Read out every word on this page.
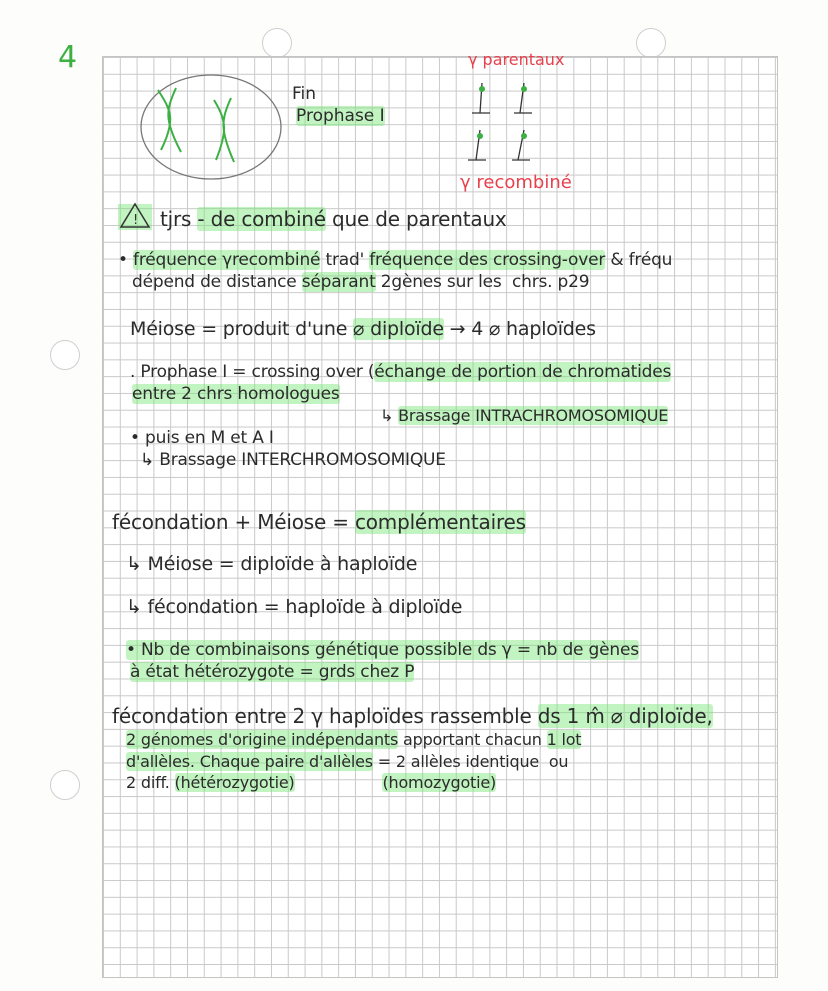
4
Fin
Prophase I
γ parentaux
γ recombiné
! tjrs - de combiné que de parentaux
• fréquence γrecombiné trad' fréquence des crossing-over & fréqu
dépend de distance séparant 2gènes sur les  chrs. p29
Méiose = produit d'une ⌀ diploïde → 4 ⌀ haploïdes
. Prophase I = crossing over (échange de portion de chromatides
entre 2 chrs homologues
↳ Brassage INTRACHROMOSOMIQUE
• puis en M et A I
↳ Brassage INTERCHROMOSOMIQUE
fécondation + Méiose = complémentaires
↳ Méiose = diploïde à haploïde
↳ fécondation = haploïde à diploïde
• Nb de combinaisons génétique possible ds γ = nb de gènes
à état hétérozygote = grds chez P
fécondation entre 2 γ haploïdes rassemble ds 1 m̂ ⌀ diploïde,
2 génomes d'origine indépendants apportant chacun 1 lot
d'allèles. Chaque paire d'allèles = 2 allèles identique  ou
2 diff. (hétérozygotie)	(homozygotie)
